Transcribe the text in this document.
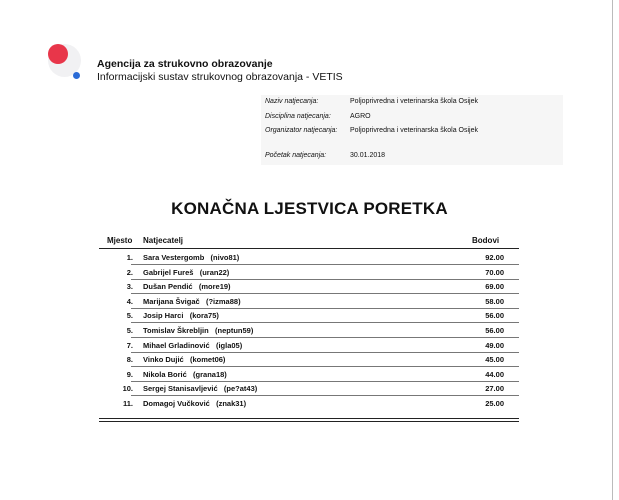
Agencija za strukovno obrazovanje
Informacijski sustav strukovnog obrazovanja - VETIS
Naziv natjecanja:	Poljoprivredna i veterinarska škola Osijek
Disciplina natjecanja:	AGRO
Organizator natjecanja: Poljoprivredna i veterinarska škola Osijek
Početak natjecanja:	30.01.2018
KONAČNA LJESTVICA PORETKA
Mjesto Natjecatelj	Bodovi
1. Sara Vestergomb (nivo81)	92.00
2. Gabrijel Fureš (uran22)	70.00
3. Dušan Pendić (more19)	69.00
4. Marijana Švigač (?izma88)	58.00
5. Josip Harci (kora75)	56.00
5. Tomislav Škrebljin (neptun59)	56.00
7. Mihael Grladinović (igla05)	49.00
8. Vinko Dujić (komet06)	45.00
9. Nikola Borić (grana18)	44.00
10. Sergej Stanisavljević (pe?at43)	27.00
11. Domagoj Vučković (znak31)	25.00
